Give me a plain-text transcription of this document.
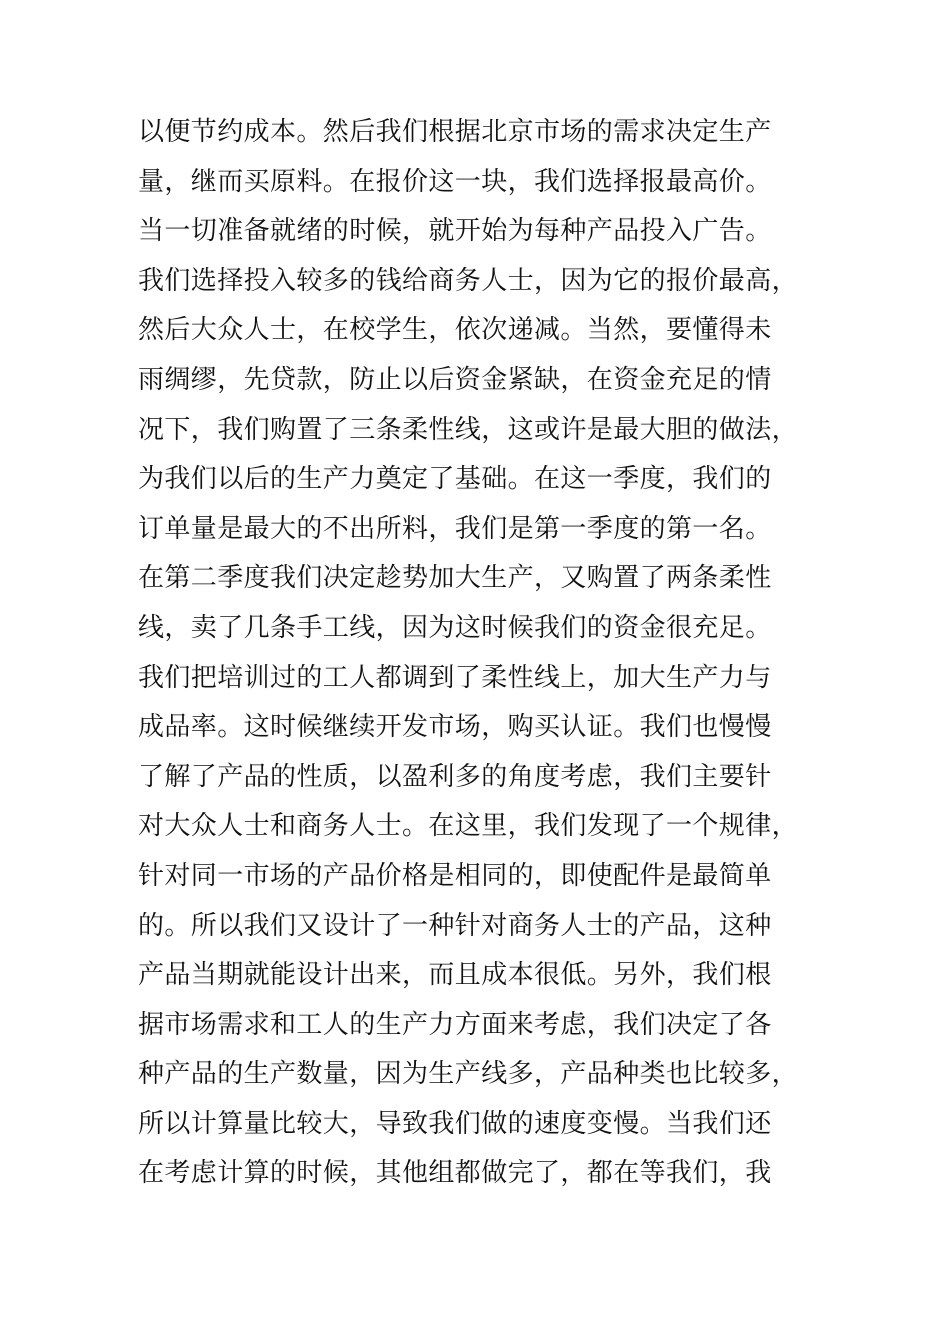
以便节约成本。然后我们根据北京市场的需求决定生产
量，继而买原料。在报价这一块，我们选择报最高价。
当一切准备就绪的时候，就开始为每种产品投入广告。
我们选择投入较多的钱给商务人士，因为它的报价最高，
然后大众人士，在校学生，依次递减。当然，要懂得未
雨绸缪，先贷款，防止以后资金紧缺，在资金充足的情
况下，我们购置了三条柔性线，这或许是最大胆的做法，
为我们以后的生产力奠定了基础。在这一季度，我们的
订单量是最大的不出所料，我们是第一季度的第一名。
在第二季度我们决定趁势加大生产，又购置了两条柔性
线，卖了几条手工线，因为这时候我们的资金很充足。
我们把培训过的工人都调到了柔性线上，加大生产力与
成品率。这时候继续开发市场，购买认证。我们也慢慢
了解了产品的性质，以盈利多的角度考虑，我们主要针
对大众人士和商务人士。在这里，我们发现了一个规律，
针对同一市场的产品价格是相同的，即使配件是最简单
的。所以我们又设计了一种针对商务人士的产品，这种
产品当期就能设计出来，而且成本很低。另外，我们根
据市场需求和工人的生产力方面来考虑，我们决定了各
种产品的生产数量，因为生产线多，产品种类也比较多，
所以计算量比较大，导致我们做的速度变慢。当我们还
在考虑计算的时候，其他组都做完了，都在等我们，我
